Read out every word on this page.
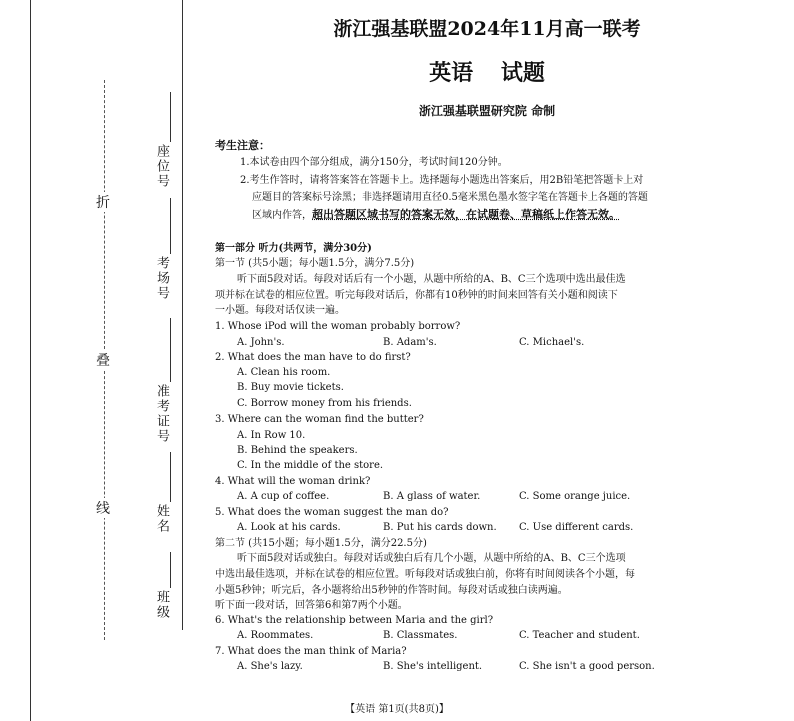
折
叠
线
座位号
考场号
准考证号
姓名
班级
浙江强基联盟2024年11月高一联考
英语 试题
浙江强基联盟研究院 命制
考生注意：
1.本试卷由四个部分组成，满分150分，考试时间120分钟。
2.考生作答时，请将答案答在答题卡上。选择题每小题选出答案后，用2B铅笔把答题卡上对
应题目的答案标号涂黑；非选择题请用直径0.5毫米黑色墨水签字笔在答题卡上各题的答题
区域内作答，超出答题区域书写的答案无效，在试题卷、草稿纸上作答无效。
第一部分 听力(共两节，满分30分)
第一节 (共5小题；每小题1.5分，满分7.5分)
听下面5段对话。每段对话后有一个小题，从题中所给的A、B、C三个选项中选出最佳选
项并标在试卷的相应位置。听完每段对话后，你都有10秒钟的时间来回答有关小题和阅读下
一小题。每段对话仅读一遍。
1. Whose iPod will the woman probably borrow?
A. John's.	B. Adam's.	C. Michael's.
2. What does the man have to do first?
A. Clean his room.
B. Buy movie tickets.
C. Borrow money from his friends.
3. Where can the woman find the butter?
A. In Row 10.
B. Behind the speakers.
C. In the middle of the store.
4. What will the woman drink?
A. A cup of coffee.	B. A glass of water.	C. Some orange juice.
5. What does the woman suggest the man do?
A. Look at his cards.	B. Put his cards down. C. Use different cards.
第二节 (共15小题；每小题1.5分，满分22.5分)
听下面5段对话或独白。每段对话或独白后有几个小题，从题中所给的A、B、C三个选项
中选出最佳选项，并标在试卷的相应位置。听每段对话或独白前，你将有时间阅读各个小题，每
小题5秒钟；听完后，各小题将给出5秒钟的作答时间。每段对话或独白读两遍。
听下面一段对话，回答第6和第7两个小题。
6. What's the relationship between Maria and the girl?
A. Roommates.	B. Classmates.	C. Teacher and student.
7. What does the man think of Maria?
A. She's lazy.	B. She's intelligent.	C. She isn't a good person.
【英语 第1页(共8页)】
